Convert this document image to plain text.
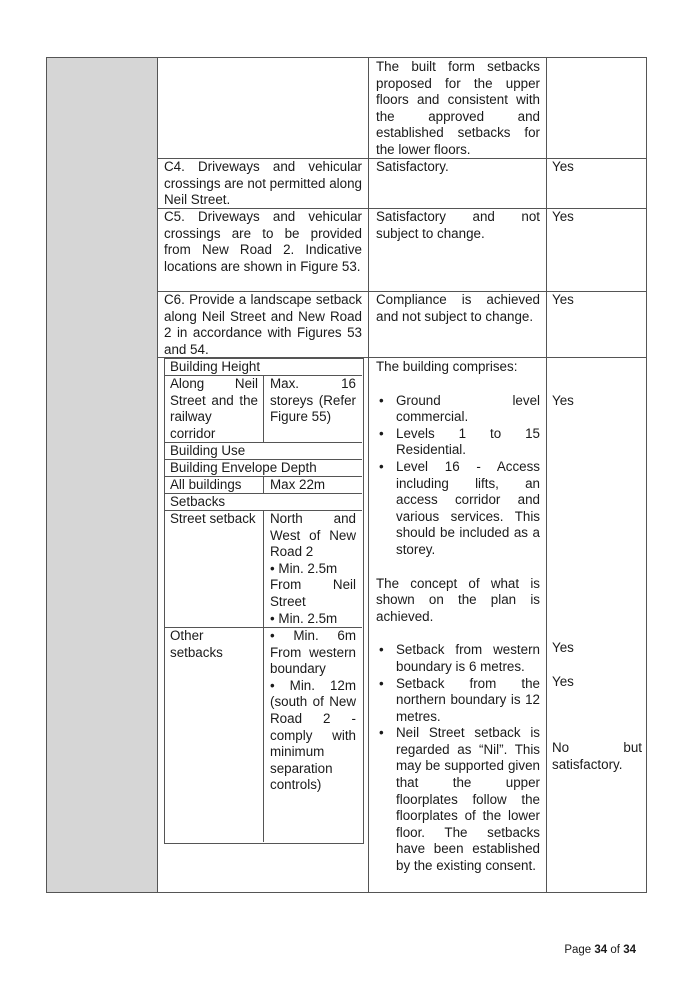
The built form setbacks proposed for the upper floors and consistent with the approved and established setbacks for the lower floors.
C4. Driveways and vehicular crossings are not permitted along Neil Street.
Satisfactory.	Yes
C5. Driveways and vehicular crossings are to be provided from New Road 2. Indicative locations are shown in Figure 53.
Satisfactory and not subject to change.
Yes
C6. Provide a landscape setback along Neil Street and New Road 2 in accordance with Figures 53 and 54.
Compliance is achieved and not subject to change.
Yes
Building Height
Along Neil Street and the railway corridor
Max. 16 storeys (Refer Figure 55)
Building Use
Building Envelope Depth
All buildings	Max 22m
Setbacks
Street setback North and West of New Road 2
• Min. 2.5m
From Neil Street
• Min. 2.5m
Other setbacks
• Min. 6m From western boundary
• Min. 12m (south of New Road 2 - comply with minimum separation controls)
The building comprises:
• Ground level commercial.
• Levels 1 to 15 Residential.
• Level 16 - Access including lifts, an access corridor and various services. This should be included as a storey.
The concept of what is shown on the plan is achieved.
• Setback from western boundary is 6 metres.
• Setback from the northern boundary is 12 metres.
• Neil Street setback is regarded as “Nil”. This may be supported given that the upper floorplates follow the floorplates of the lower floor. The setbacks have been established by the existing consent.
Yes
Yes
Yes
No but satisfactory.
Page 34 of 34
